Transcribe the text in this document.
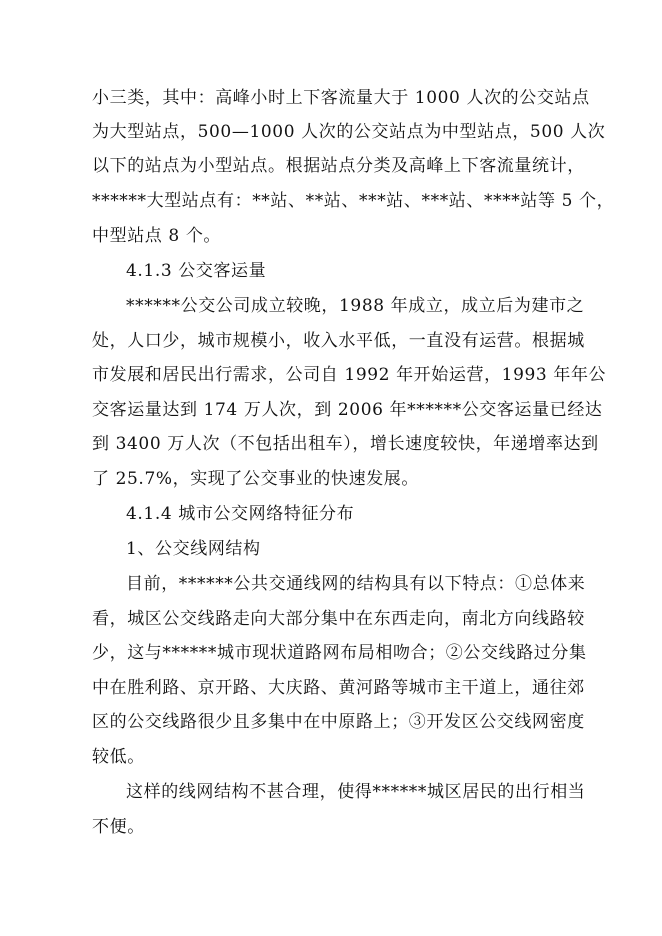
小三类，其中：高峰小时上下客流量大于 1000 人次的公交站点
为大型站点，500—1000 人次的公交站点为中型站点，500 人次
以下的站点为小型站点。根据站点分类及高峰上下客流量统计，
******大型站点有：**站、**站、***站、***站、****站等 5 个，
中型站点 8 个。
4.1.3 公交客运量
******公交公司成立较晚，1988 年成立，成立后为建市之
处，人口少，城市规模小，收入水平低，一直没有运营。根据城
市发展和居民出行需求，公司自 1992 年开始运营，1993 年年公
交客运量达到 174 万人次，到 2006 年******公交客运量已经达
到 3400 万人次（不包括出租车），增长速度较快，年递增率达到
了 25.7%，实现了公交事业的快速发展。
4.1.4 城市公交网络特征分布
1、公交线网结构
目前，******公共交通线网的结构具有以下特点：①总体来
看，城区公交线路走向大部分集中在东西走向，南北方向线路较
少，这与******城市现状道路网布局相吻合；②公交线路过分集
中在胜利路、京开路、大庆路、黄河路等城市主干道上，通往郊
区的公交线路很少且多集中在中原路上；③开发区公交线网密度
较低。
这样的线网结构不甚合理，使得******城区居民的出行相当
不便。
